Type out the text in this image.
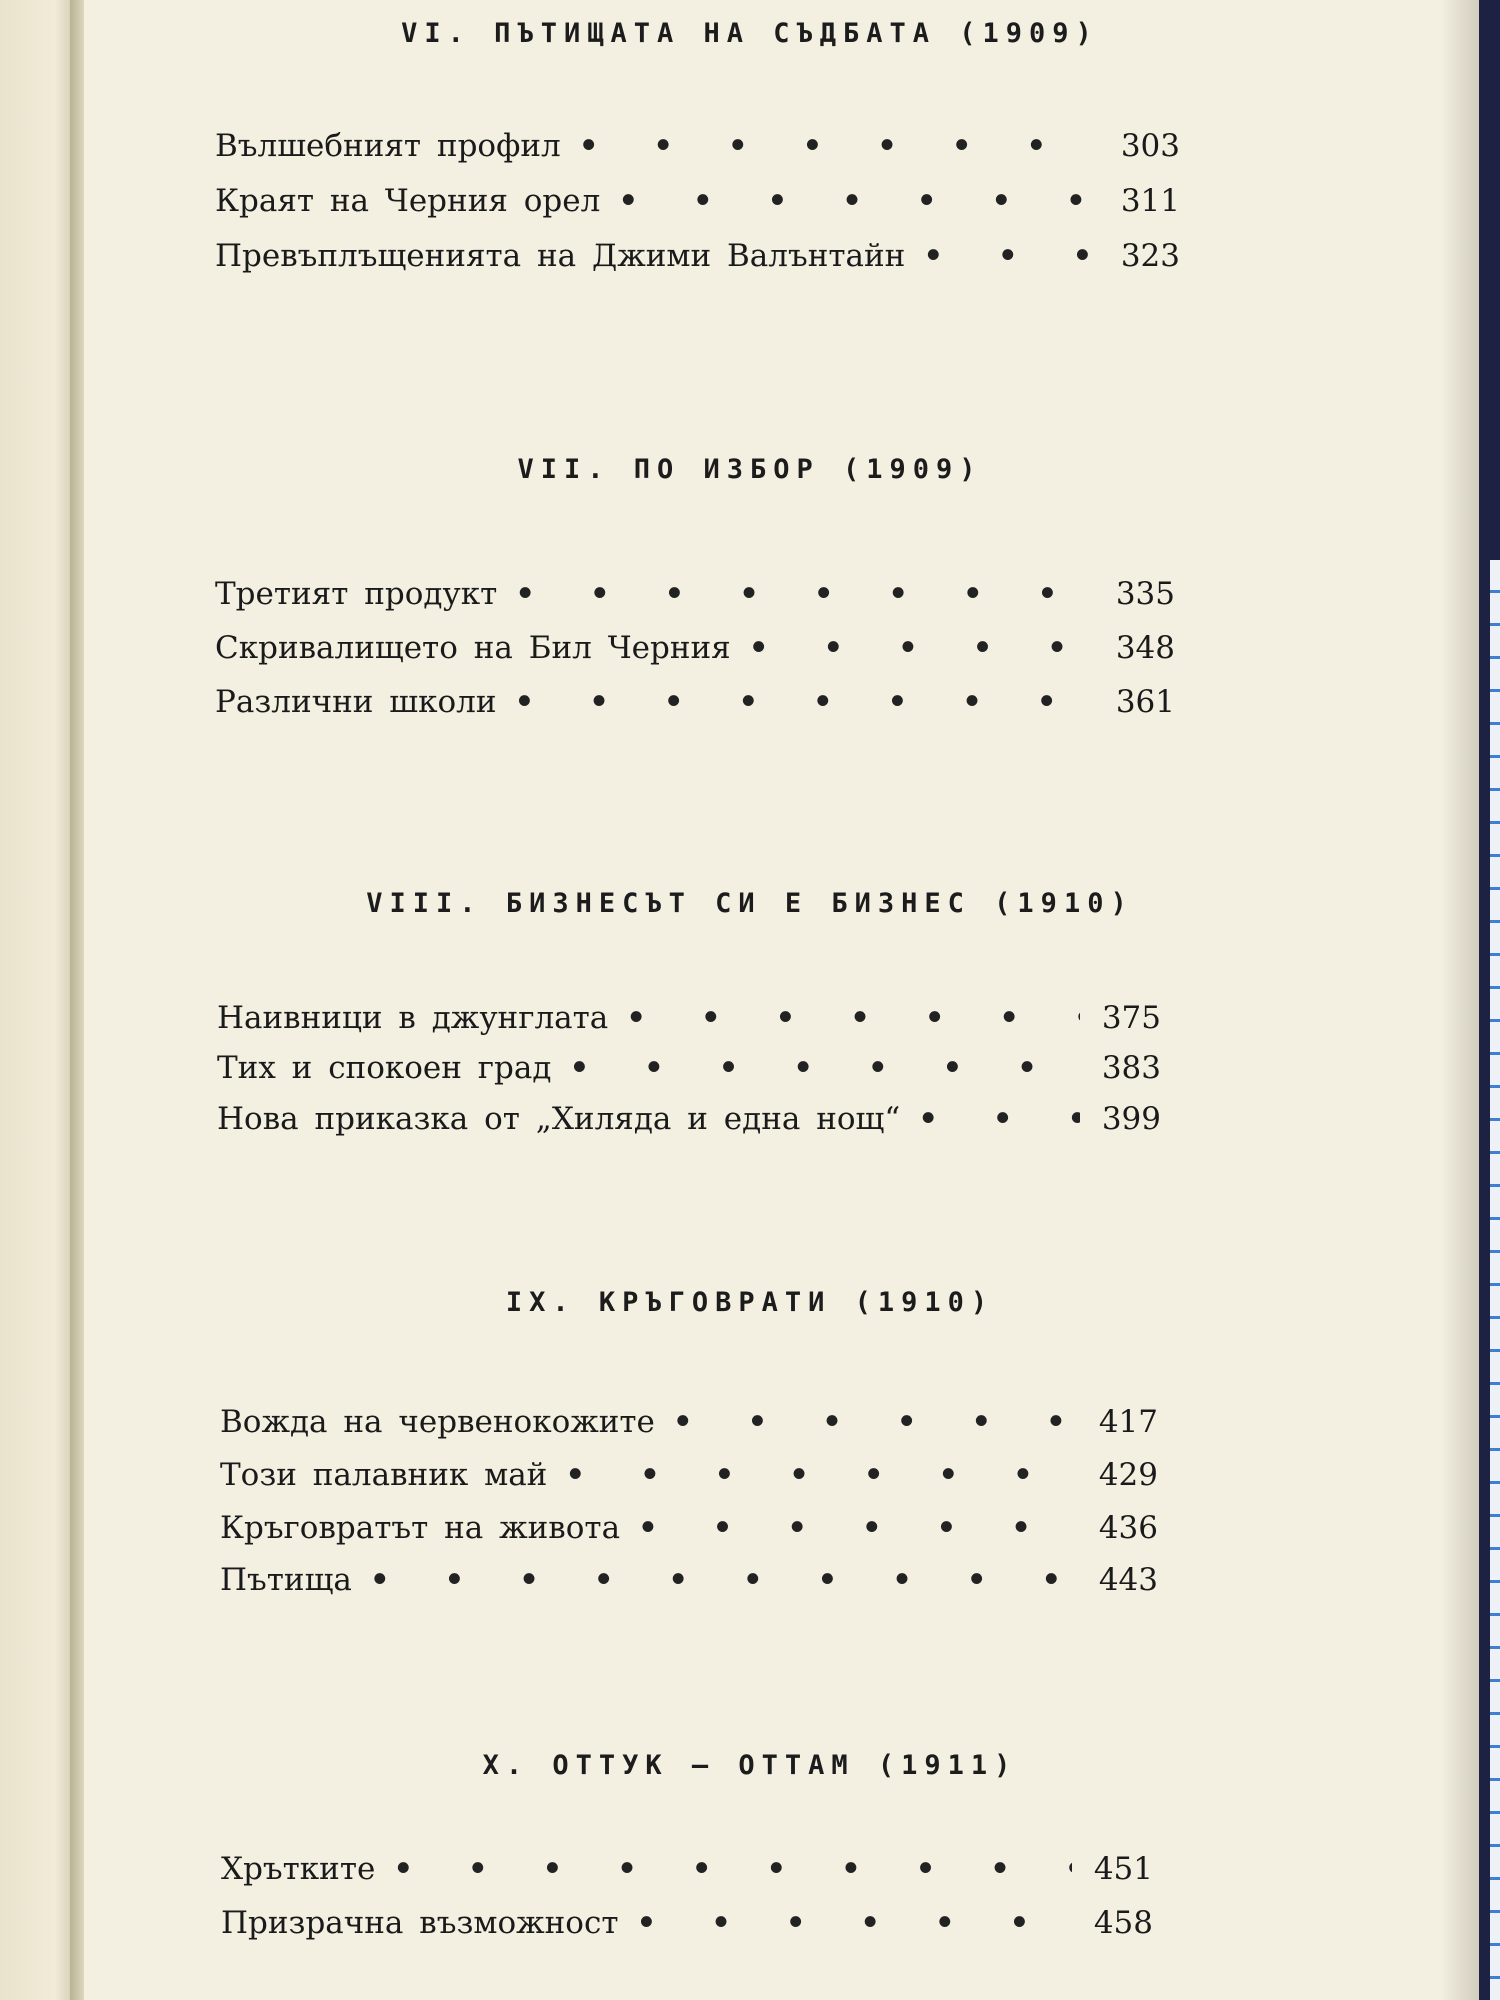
VI. ПЪТИЩАТА НА СЪДБАТА (1909)
Вълшебният профил • • •	303
Краят на Черния орел • • •	311
Превъплъщенията на Джими Валънтайн • • •	323
VII. ПО ИЗБОР (1909)
Третият продукт • • •	335
Скривалището на Бил Черния • • •	348
Различни школи • • •	361
VIII. БИЗНЕСЪТ СИ Е БИЗНЕС (1910)
Наивници в джунглата • • •	375
Тих и спокоен град • • •	383
Нова приказка от „Хиляда и една нощ“ • • •	399
IX. КРЪГОВРАТИ (1910)
Вожда на червенокожите • • •	417
Този палавник май • • •	429
Кръговратът на живота • • •	436
Пътища • • •	443
X. ОТТУК — ОТТАМ (1911)
Хрътките • • •	451
Призрачна възможност • • •	458
